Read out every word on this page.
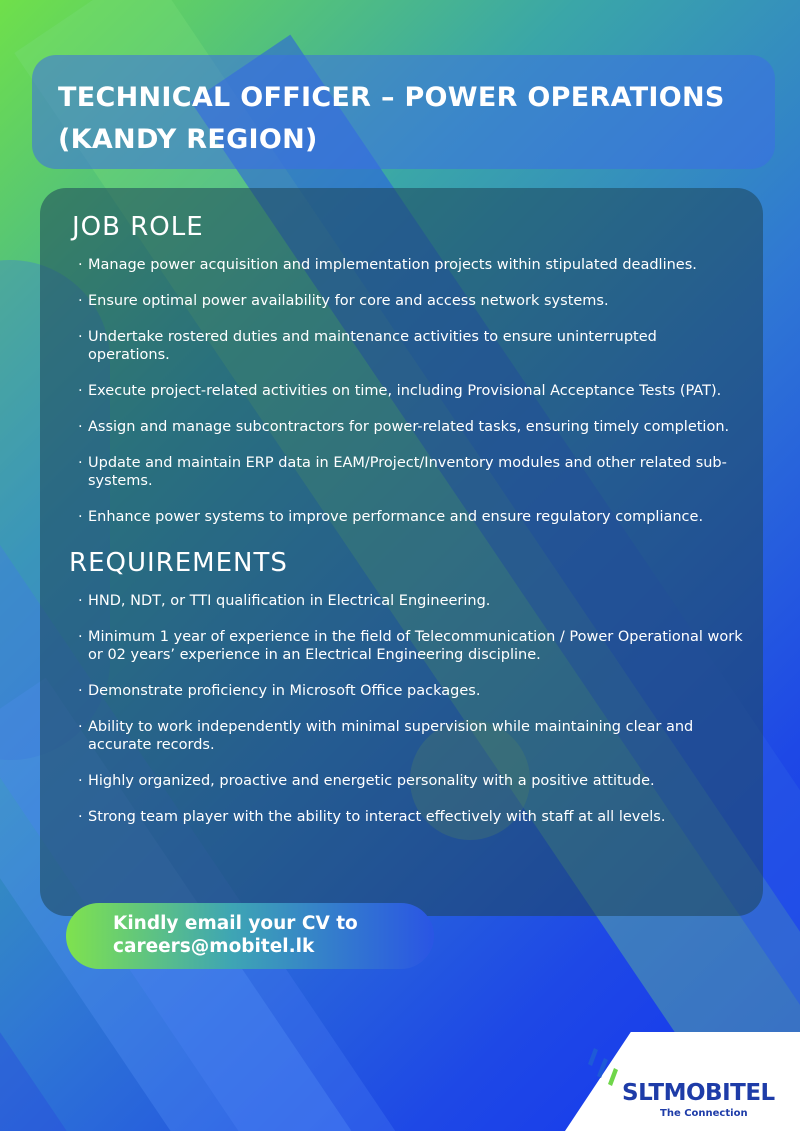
TECHNICAL OFFICER – POWER OPERATIONS
(KANDY REGION)
JOB ROLE
· Manage power acquisition and implementation projects within stipulated deadlines.
· Ensure optimal power availability for core and access network systems.
· Undertake rostered duties and maintenance activities to ensure uninterrupted operations.
· Execute project-related activities on time, including Provisional Acceptance Tests (PAT).
· Assign and manage subcontractors for power-related tasks, ensuring timely completion.
· Update and maintain ERP data in EAM/Project/Inventory modules and other related sub-systems.
· Enhance power systems to improve performance and ensure regulatory compliance.
REQUIREMENTS
· HND, NDT, or TTI qualification in Electrical Engineering.
· Minimum 1 year of experience in the field of Telecommunication / Power Operational work or 02 years’ experience in an Electrical Engineering discipline.
· Demonstrate proficiency in Microsoft Office packages.
· Ability to work independently with minimal supervision while maintaining clear and accurate records.
· Highly organized, proactive and energetic personality with a positive attitude.
· Strong team player with the ability to interact effectively with staff at all levels.
Kindly email your CV to
careers@mobitel.lk
SLTMOBITEL
The Connection
